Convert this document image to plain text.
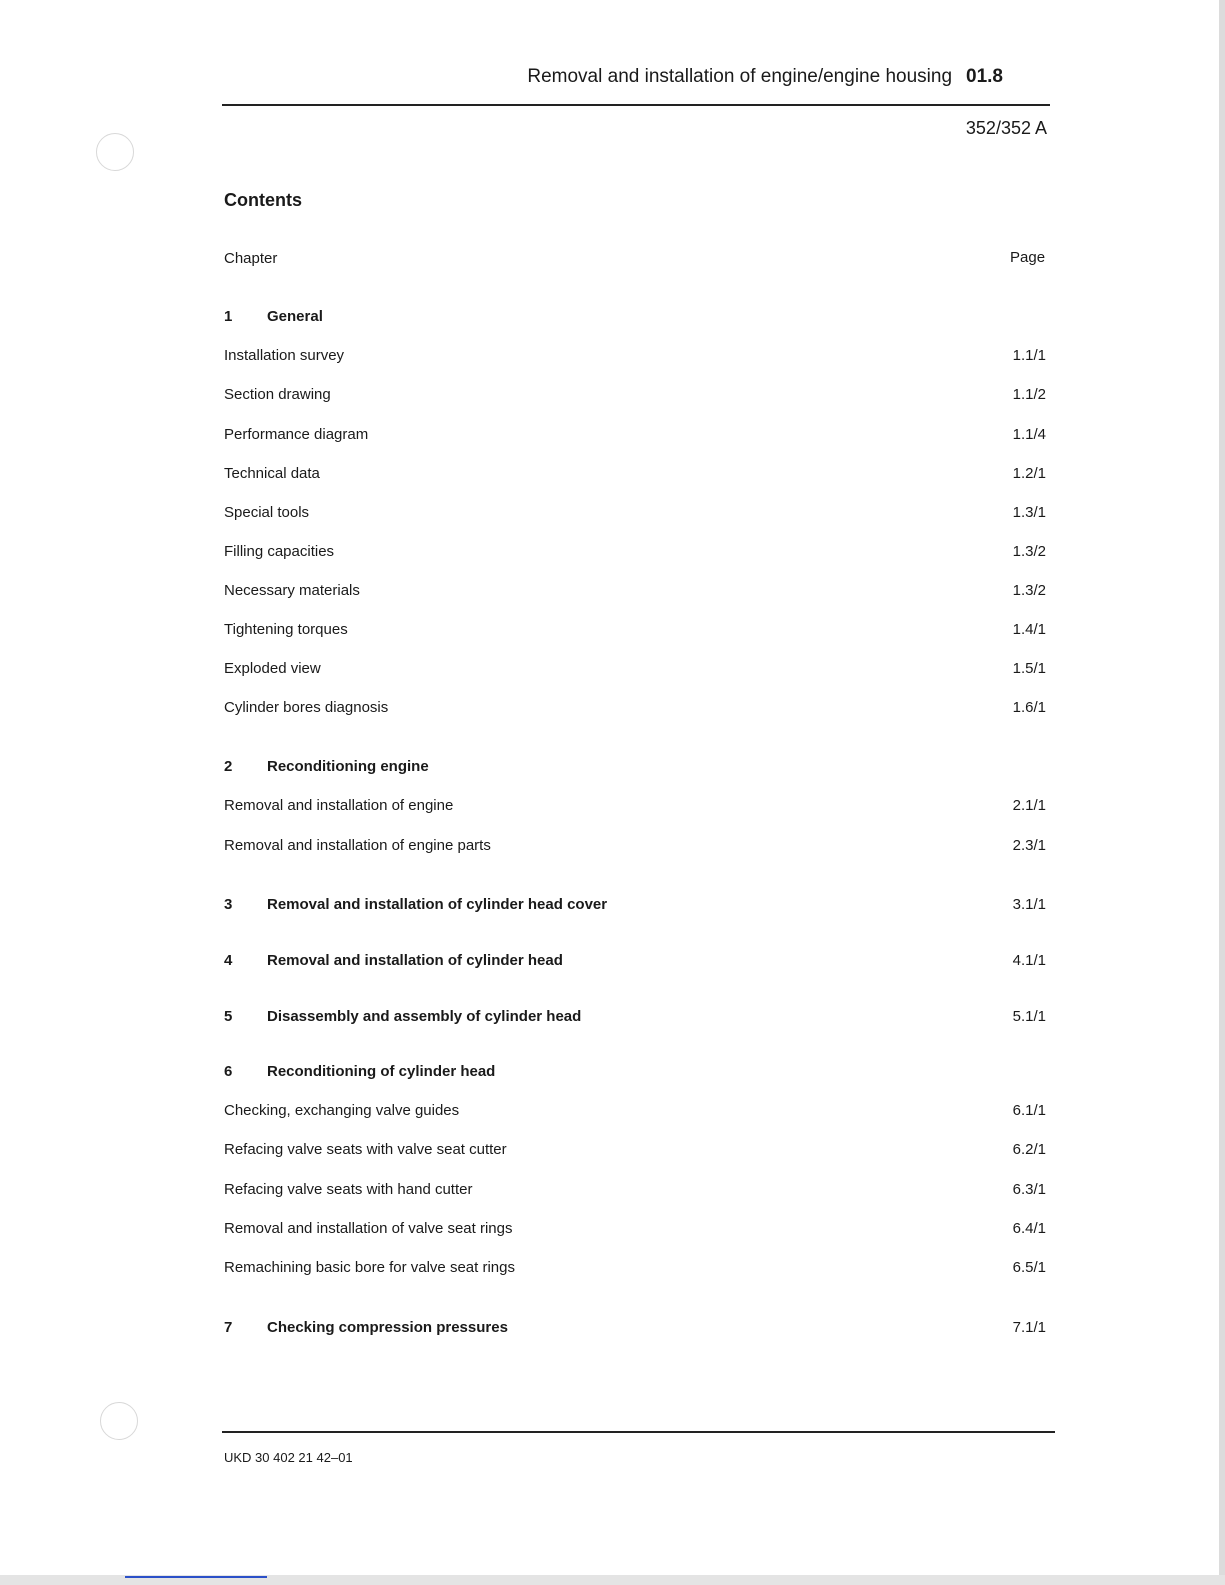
Removal and installation of engine/engine housing 01.8
352/352 A
Contents
Chapter	Page
1 General
Installation survey	1.1/1
Section drawing	1.1/2
Performance diagram	1.1/4
Technical data	1.2/1
Special tools	1.3/1
Filling capacities	1.3/2
Necessary materials	1.3/2
Tightening torques	1.4/1
Exploded view	1.5/1
Cylinder bores diagnosis	1.6/1
2 Reconditioning engine
Removal and installation of engine	2.1/1
Removal and installation of engine parts	2.3/1
3 Removal and installation of cylinder head cover	3.1/1
4 Removal and installation of cylinder head	4.1/1
5 Disassembly and assembly of cylinder head	5.1/1
6 Reconditioning of cylinder head
Checking, exchanging valve guides	6.1/1
Refacing valve seats with valve seat cutter	6.2/1
Refacing valve seats with hand cutter	6.3/1
Removal and installation of valve seat rings	6.4/1
Remachining basic bore for valve seat rings	6.5/1
7 Checking compression pressures	7.1/1
UKD 30 402 21 42–01
